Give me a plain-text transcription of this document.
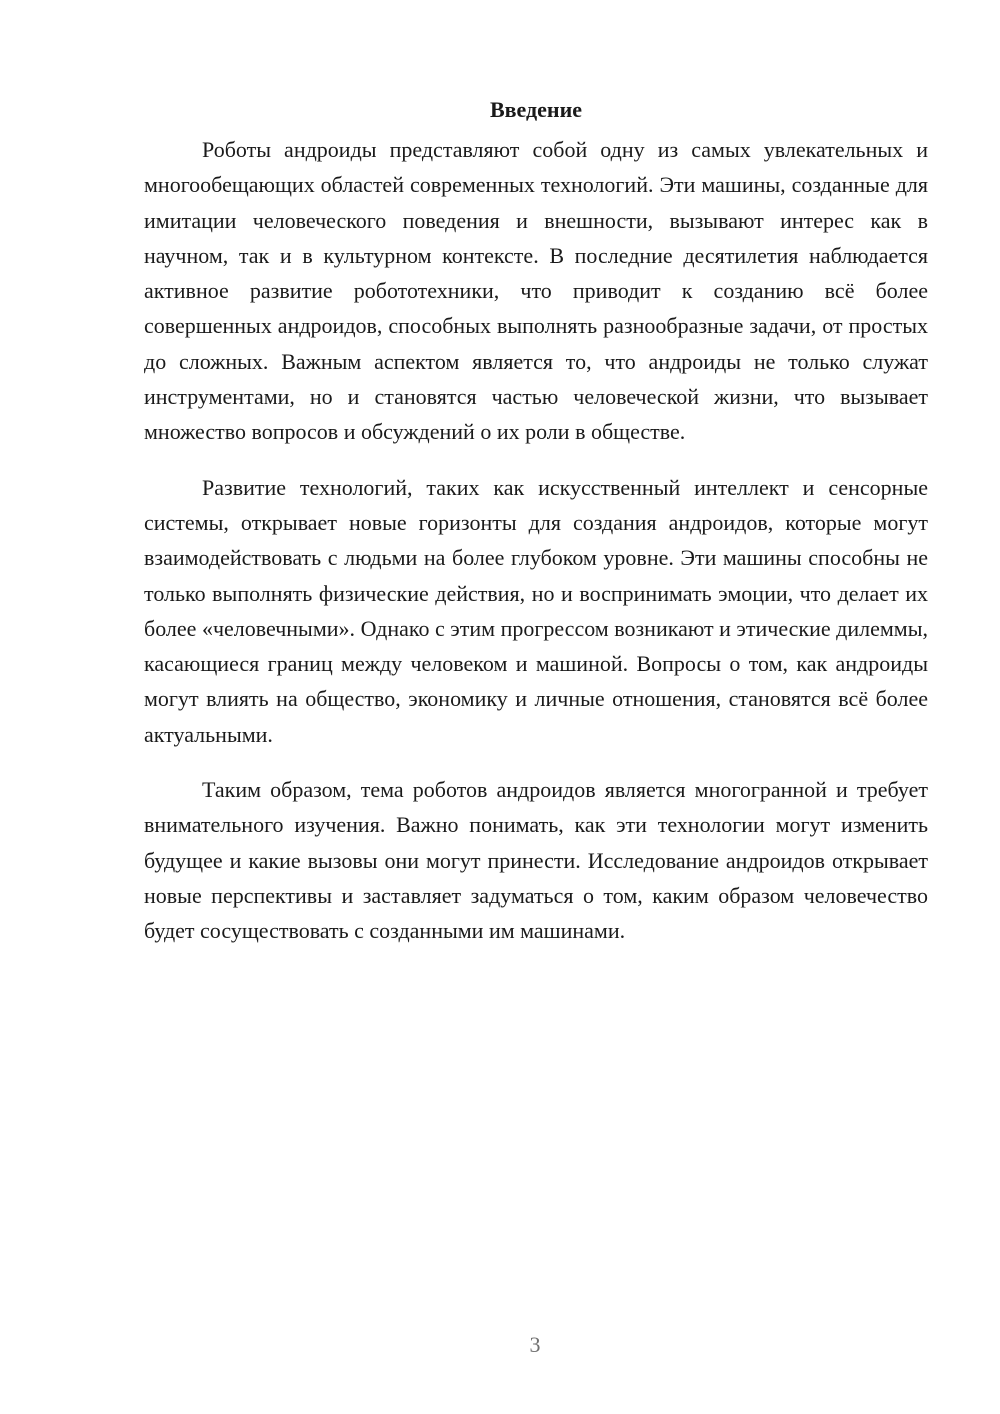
Введение

Роботы андроиды представляют собой одну из самых увлекательных и многообещающих областей современных технологий. Эти машины, созданные для имитации человеческого поведения и внешности, вызывают интерес как в научном, так и в культурном контексте. В последние десятилетия наблюдается активное развитие робототехники, что приводит к созданию всё более совершенных андроидов, способных выполнять разнообразные задачи, от простых до сложных. Важным аспектом является то, что андроиды не только служат инструментами, но и становятся частью человеческой жизни, что вызывает множество вопросов и обсуждений о их роли в обществе.

Развитие технологий, таких как искусственный интеллект и сенсорные системы, открывает новые горизонты для создания андроидов, которые могут взаимодействовать с людьми на более глубоком уровне. Эти машины способны не только выполнять физические действия, но и воспринимать эмоции, что делает их более «человечными». Однако с этим прогрессом возникают и этические дилеммы, касающиеся границ между человеком и машиной. Вопросы о том, как андроиды могут влиять на общество, экономику и личные отношения, становятся всё более актуальными.

Таким образом, тема роботов андроидов является многогранной и требует внимательного изучения. Важно понимать, как эти технологии могут изменить будущее и какие вызовы они могут принести. Исследование андроидов открывает новые перспективы и заставляет задуматься о том, каким образом человечество будет сосуществовать с созданными им машинами.

3
